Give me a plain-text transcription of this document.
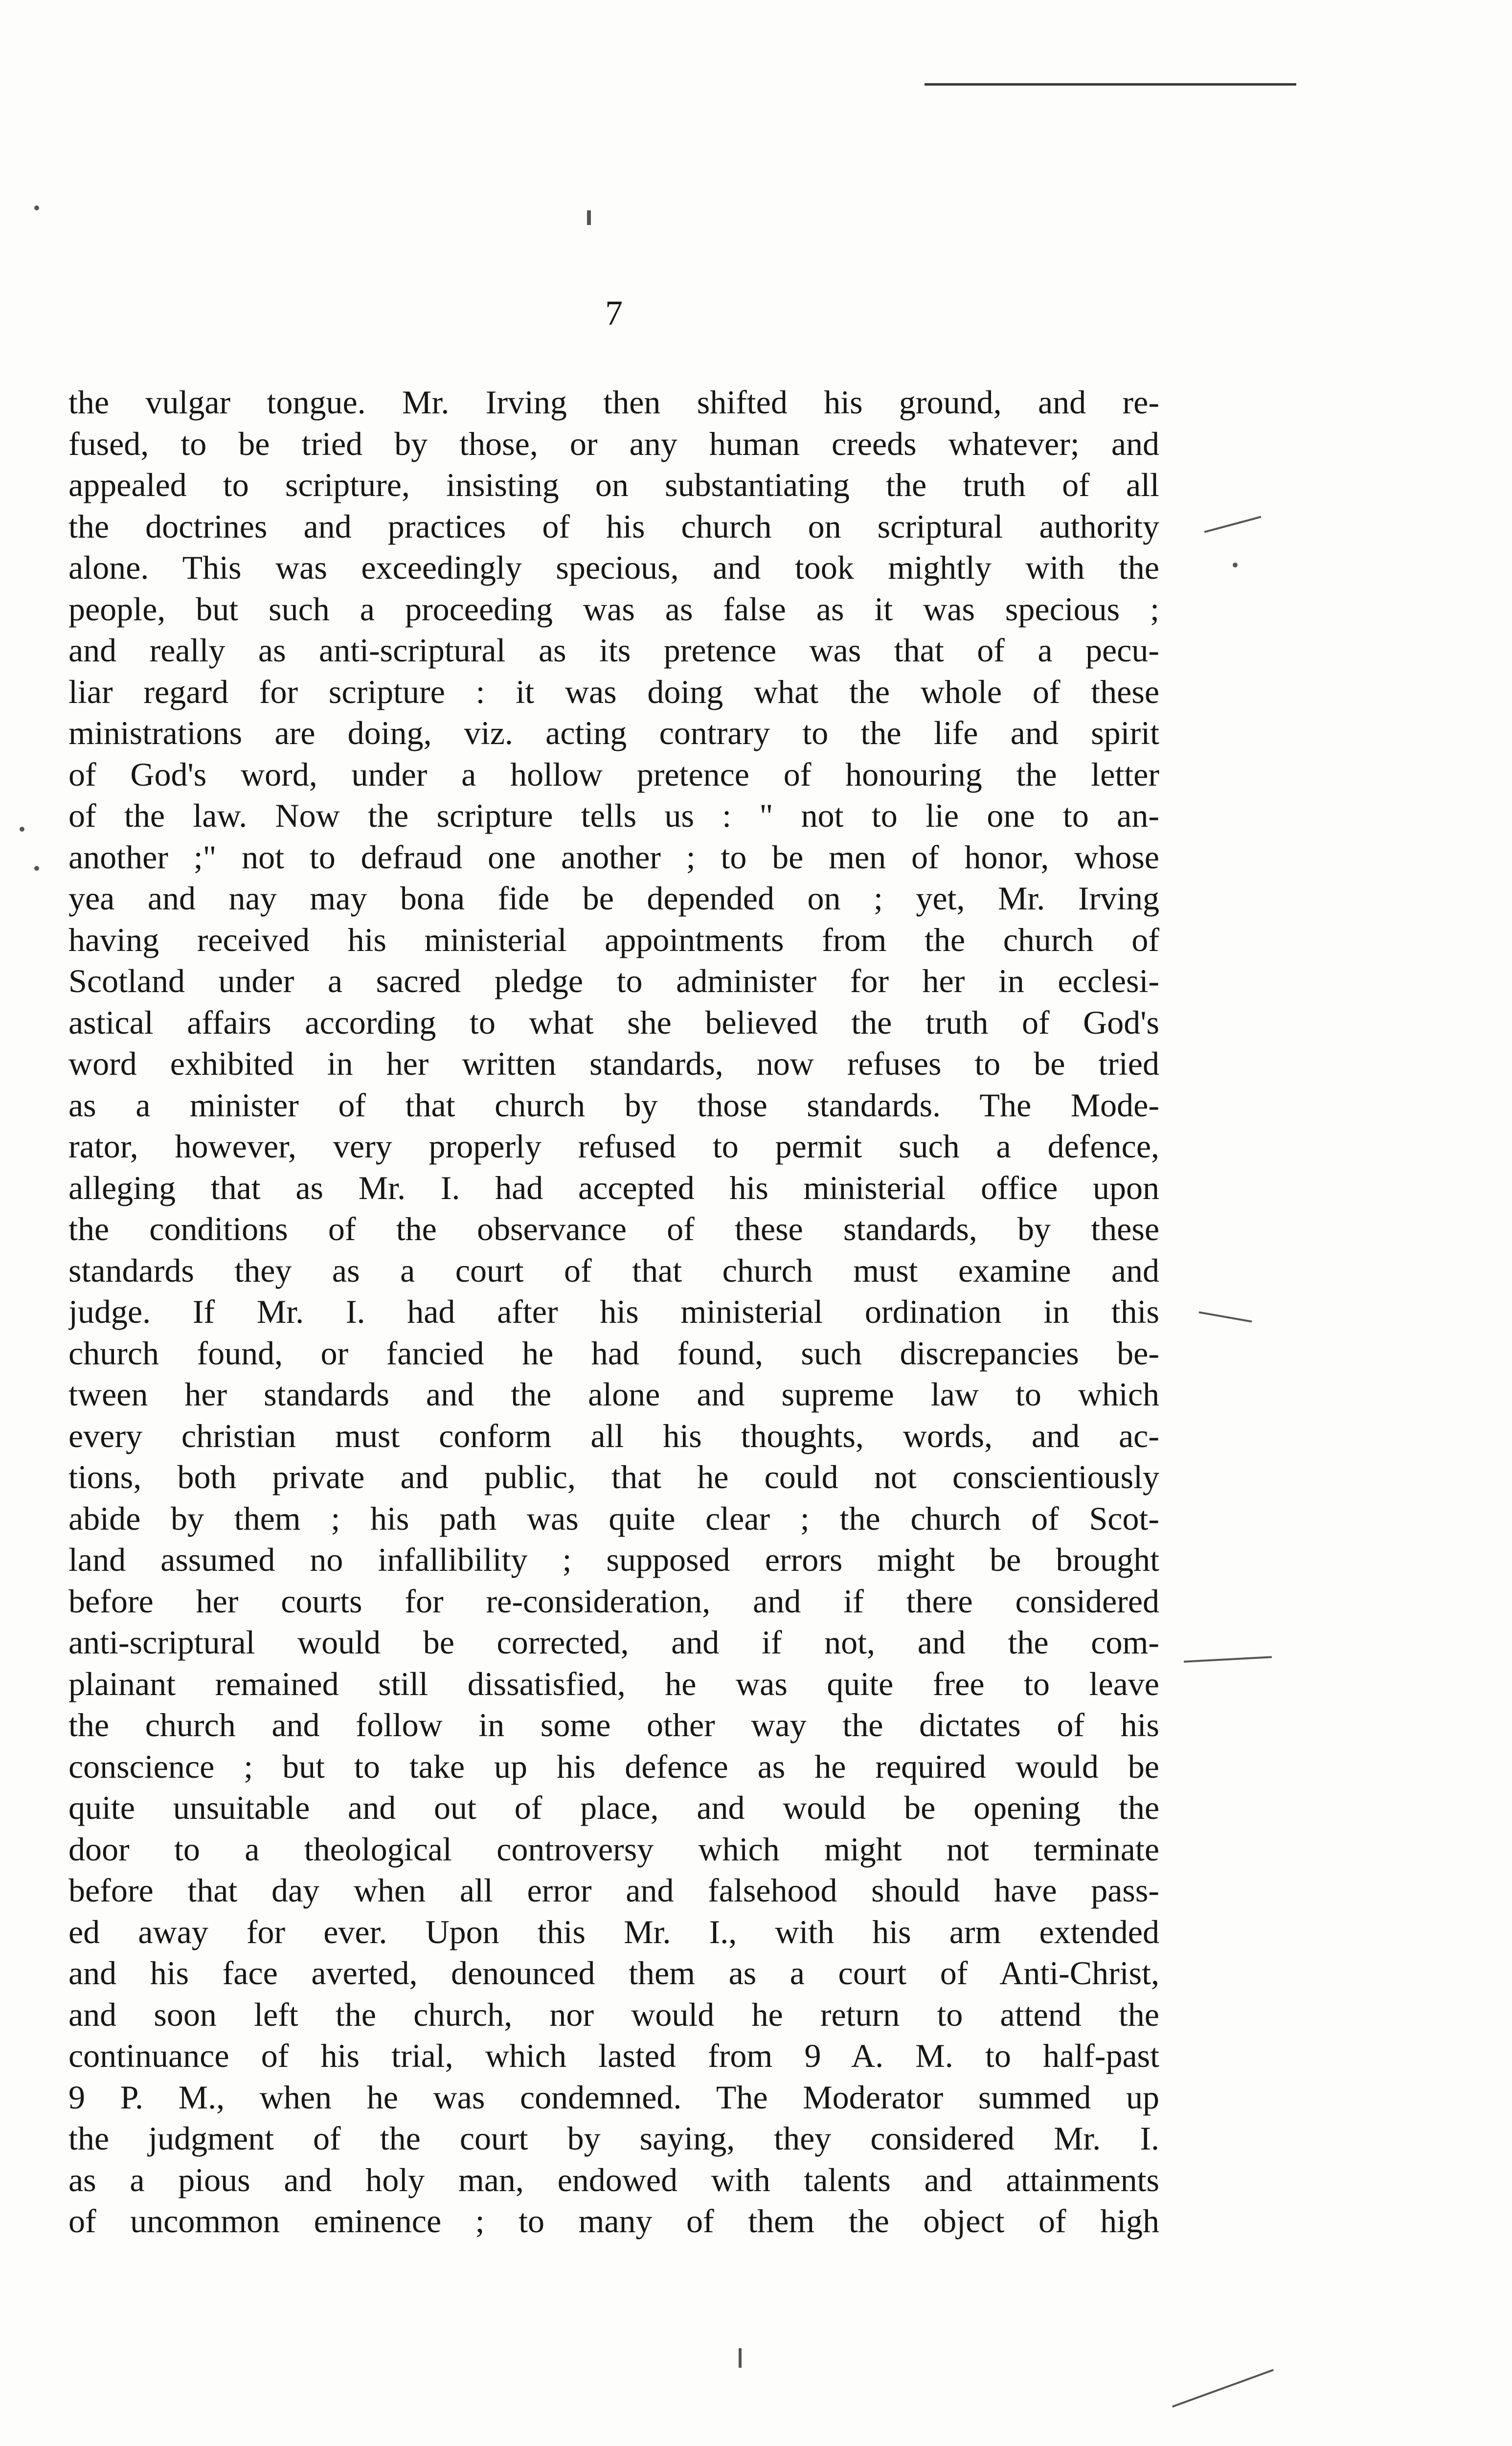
7
the vulgar tongue. Mr. Irving then shifted his ground, and re-
fused, to be tried by those, or any human creeds whatever; and
appealed to scripture, insisting on substantiating the truth of all
the doctrines and practices of his church on scriptural authority
alone. This was exceedingly specious, and took mightly with the
people, but such a proceeding was as false as it was specious ;
and really as anti-scriptural as its pretence was that of a pecu-
liar regard for scripture : it was doing what the whole of these
ministrations are doing, viz. acting contrary to the life and spirit
of God's word, under a hollow pretence of honouring the letter
of the law. Now the scripture tells us : " not to lie one to an-
another ;" not to defraud one another ; to be men of honor, whose
yea and nay may bona fide be depended on ; yet, Mr. Irving
having received his ministerial appointments from the church of
Scotland under a sacred pledge to administer for her in ecclesi-
astical affairs according to what she believed the truth of God's
word exhibited in her written standards, now refuses to be tried
as a minister of that church by those standards. The Mode-
rator, however, very properly refused to permit such a defence,
alleging that as Mr. I. had accepted his ministerial office upon
the conditions of the observance of these standards, by these
standards they as a court of that church must examine and
judge. If Mr. I. had after his ministerial ordination in this
church found, or fancied he had found, such discrepancies be-
tween her standards and the alone and supreme law to which
every christian must conform all his thoughts, words, and ac-
tions, both private and public, that he could not conscientiously
abide by them ; his path was quite clear ; the church of Scot-
land assumed no infallibility ; supposed errors might be brought
before her courts for re-consideration, and if there considered
anti-scriptural would be corrected, and if not, and the com-
plainant remained still dissatisfied, he was quite free to leave
the church and follow in some other way the dictates of his
conscience ; but to take up his defence as he required would be
quite unsuitable and out of place, and would be opening the
door to a theological controversy which might not terminate
before that day when all error and falsehood should have pass-
ed away for ever. Upon this Mr. I., with his arm extended
and his face averted, denounced them as a court of Anti-Christ,
and soon left the church, nor would he return to attend the
continuance of his trial, which lasted from 9 A. M. to half-past
9 P. M., when he was condemned. The Moderator summed up
the judgment of the court by saying, they considered Mr. I.
as a pious and holy man, endowed with talents and attainments
of uncommon eminence ; to many of them the object of high
